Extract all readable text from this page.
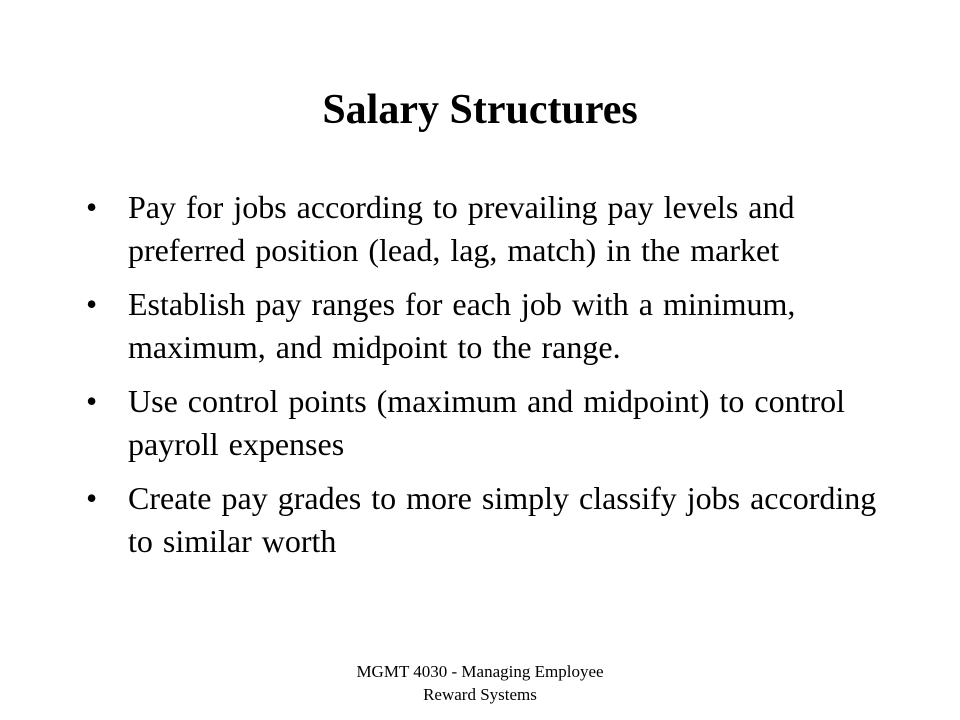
Salary Structures
• Pay for jobs according to prevailing pay levels and preferred position (lead, lag, match) in the market
• Establish pay ranges for each job with a minimum, maximum, and midpoint to the range.
• Use control points (maximum and midpoint) to control payroll expenses
• Create pay grades to more simply classify jobs according to similar worth
MGMT 4030 - Managing Employee
Reward Systems
